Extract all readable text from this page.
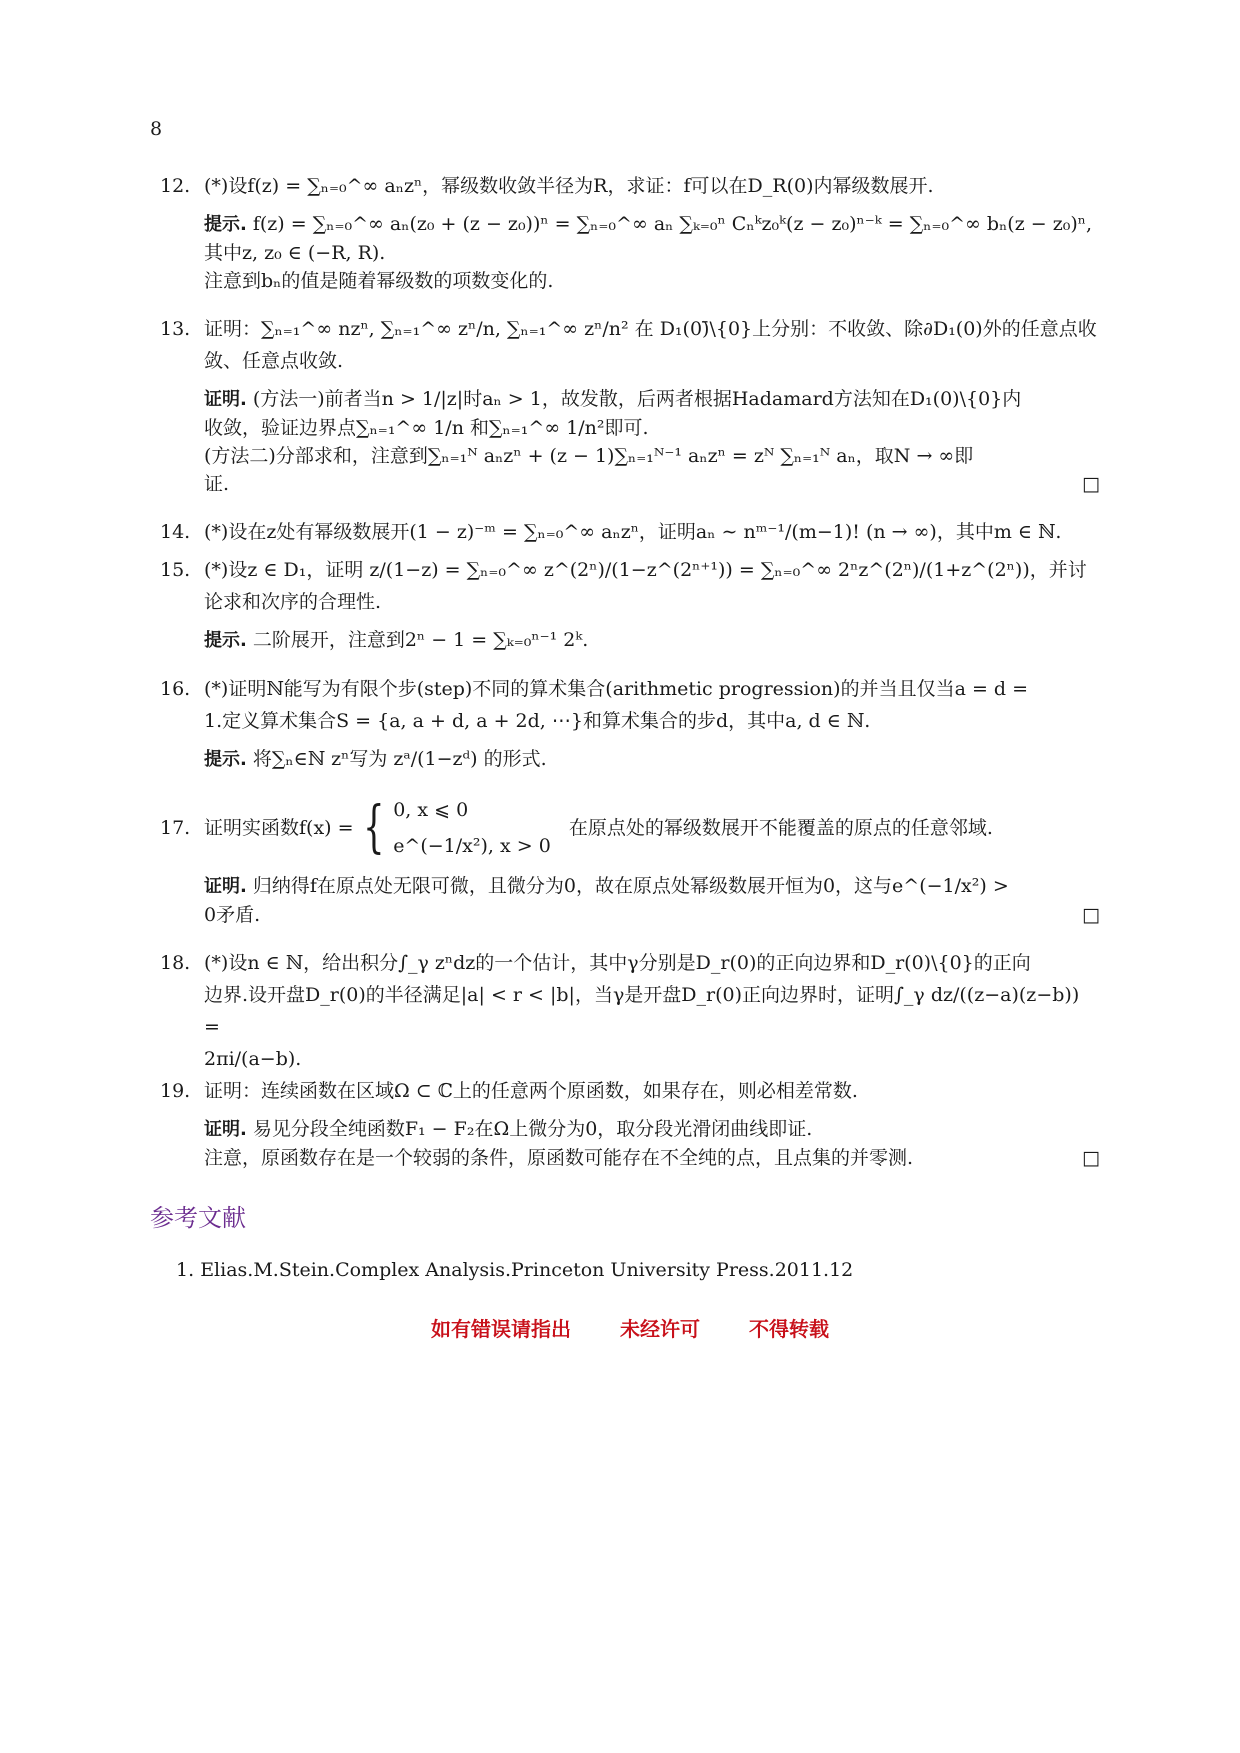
8
12. (*)设f(z) = ∑ₙ₌₀^∞ aₙzⁿ，幂级数收敛半径为R，求证：f可以在D_R(0)内幂级数展开.
提示. f(z) = ∑ₙ₌₀^∞ aₙ(z₀ + (z − z₀))ⁿ = ∑ₙ₌₀^∞ aₙ ∑ₖ₌₀ⁿ Cₙᵏz₀ᵏ(z − z₀)ⁿ⁻ᵏ = ∑ₙ₌₀^∞ bₙ(z − z₀)ⁿ,
其中z, z₀ ∈ (−R, R).
注意到bₙ的值是随着幂级数的项数变化的.
13. 证明：∑ₙ₌₁^∞ nzⁿ, ∑ₙ₌₁^∞ zⁿ/n, ∑ₙ₌₁^∞ zⁿ/n² 在 D₁(0)̄\{0}上分别：不收敛、除∂D₁(0)外的任意点收
敛、任意点收敛.
证明. (方法一)前者当n > 1/|z|时aₙ > 1，故发散，后两者根据Hadamard方法知在D₁(0)\{0}内
收敛，验证边界点∑ₙ₌₁^∞ 1/n 和∑ₙ₌₁^∞ 1/n²即可.
(方法二)分部求和，注意到∑ₙ₌₁ᴺ aₙzⁿ + (z − 1)∑ₙ₌₁ᴺ⁻¹ aₙzⁿ = zᴺ ∑ₙ₌₁ᴺ aₙ，取N → ∞即
证.	□
14. (*)设在z处有幂级数展开(1 − z)⁻ᵐ = ∑ₙ₌₀^∞ aₙzⁿ，证明aₙ ∼ nᵐ⁻¹/(m−1)! (n → ∞)，其中m ∈ ℕ.
15. (*)设z ∈ D₁，证明 z/(1−z) = ∑ₙ₌₀^∞ z^(2ⁿ)/(1−z^(2ⁿ⁺¹)) = ∑ₙ₌₀^∞ 2ⁿz^(2ⁿ)/(1+z^(2ⁿ))，并讨论求和次序的合理性.
提示. 二阶展开，注意到2ⁿ − 1 = ∑ₖ₌₀ⁿ⁻¹ 2ᵏ.
16. (*)证明ℕ能写为有限个步(step)不同的算术集合(arithmetic progression)的并当且仅当a = d =
1.定义算术集合S = {a, a + d, a + 2d, ⋯}和算术集合的步d，其中a, d ∈ ℕ.
提示. 将∑ₙ∈ℕ zⁿ写为 zᵃ/(1−zᵈ) 的形式.
17. 证明实函数f(x) = { 0, x ⩽ 0
e^(−1/x²), x > 0
在原点处的幂级数展开不能覆盖的原点的任意邻域.
证明. 归纳得f在原点处无限可微，且微分为0，故在原点处幂级数展开恒为0，这与e^(−1/x²) >
0矛盾.	□
18. (*)设n ∈ ℕ，给出积分∫_γ zⁿdz的一个估计，其中γ分别是D_r(0)的正向边界和D_r(0)\{0}的正向
边界.设开盘D_r(0)的半径满足|a| < r < |b|，当γ是开盘D_r(0)正向边界时，证明∫_γ dz/((z−a)(z−b)) =
2πi/(a−b).
19. 证明：连续函数在区域Ω ⊂ ℂ上的任意两个原函数，如果存在，则必相差常数.
证明. 易见分段全纯函数F₁ − F₂在Ω上微分为0，取分段光滑闭曲线即证.
注意，原函数存在是一个较弱的条件，原函数可能存在不全纯的点，且点集的并零测.	□
参考文献
1. Elias.M.Stein.Complex Analysis.Princeton University Press.2011.12
如有错误请指出 未经许可 不得转载
